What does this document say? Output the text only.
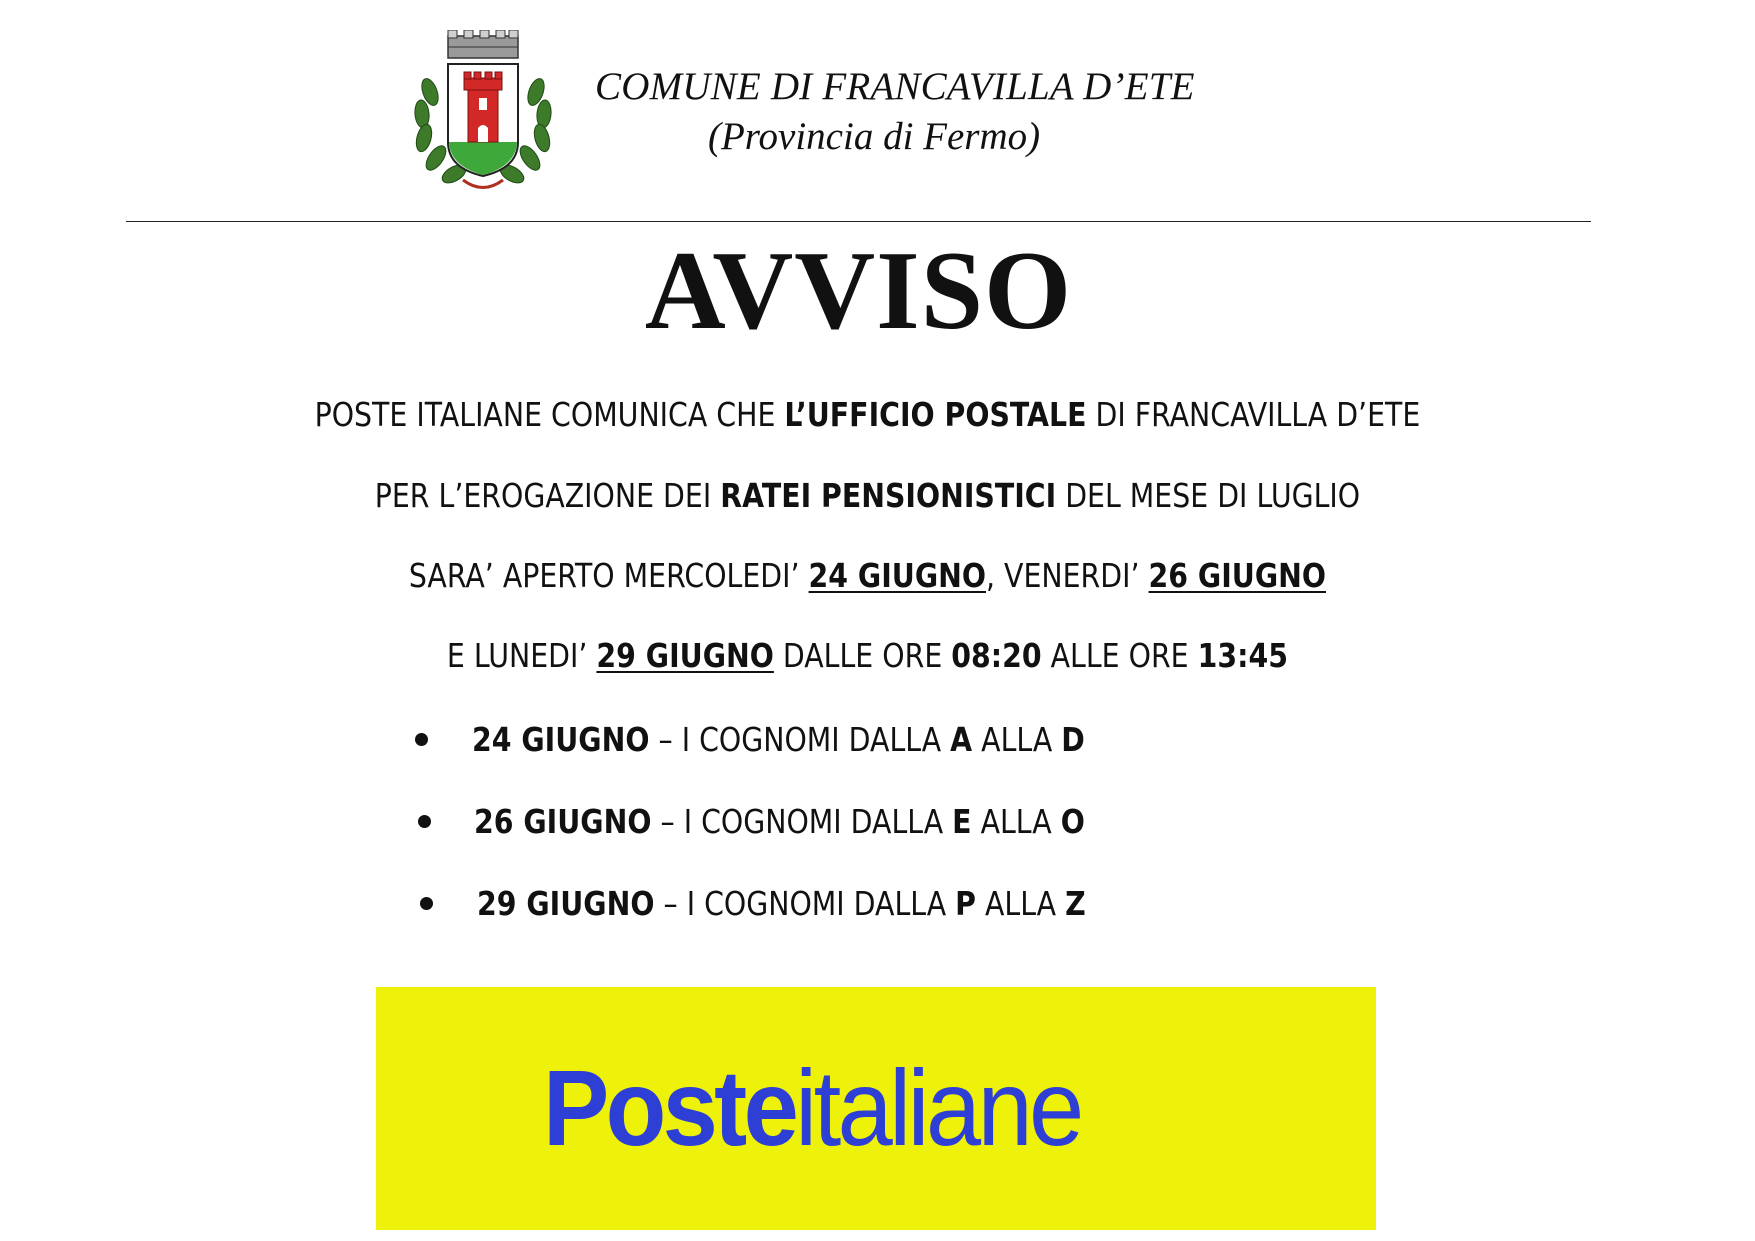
COMUNE DI FRANCAVILLA D’ETE
(Provincia di Fermo)
AVVISO
POSTE ITALIANE COMUNICA CHE L’UFFICIO POSTALE DI FRANCAVILLA D’ETE
PER L’EROGAZIONE DEI RATEI PENSIONISTICI DEL MESE DI LUGLIO
SARA’ APERTO MERCOLEDI’ 24 GIUGNO, VENERDI’ 26 GIUGNO
E LUNEDI’ 29 GIUGNO DALLE ORE 08:20 ALLE ORE 13:45
24 GIUGNO – I COGNOMI DALLA A ALLA D
26 GIUGNO – I COGNOMI DALLA E ALLA O
29 GIUGNO – I COGNOMI DALLA P ALLA Z
Posteitaliane
